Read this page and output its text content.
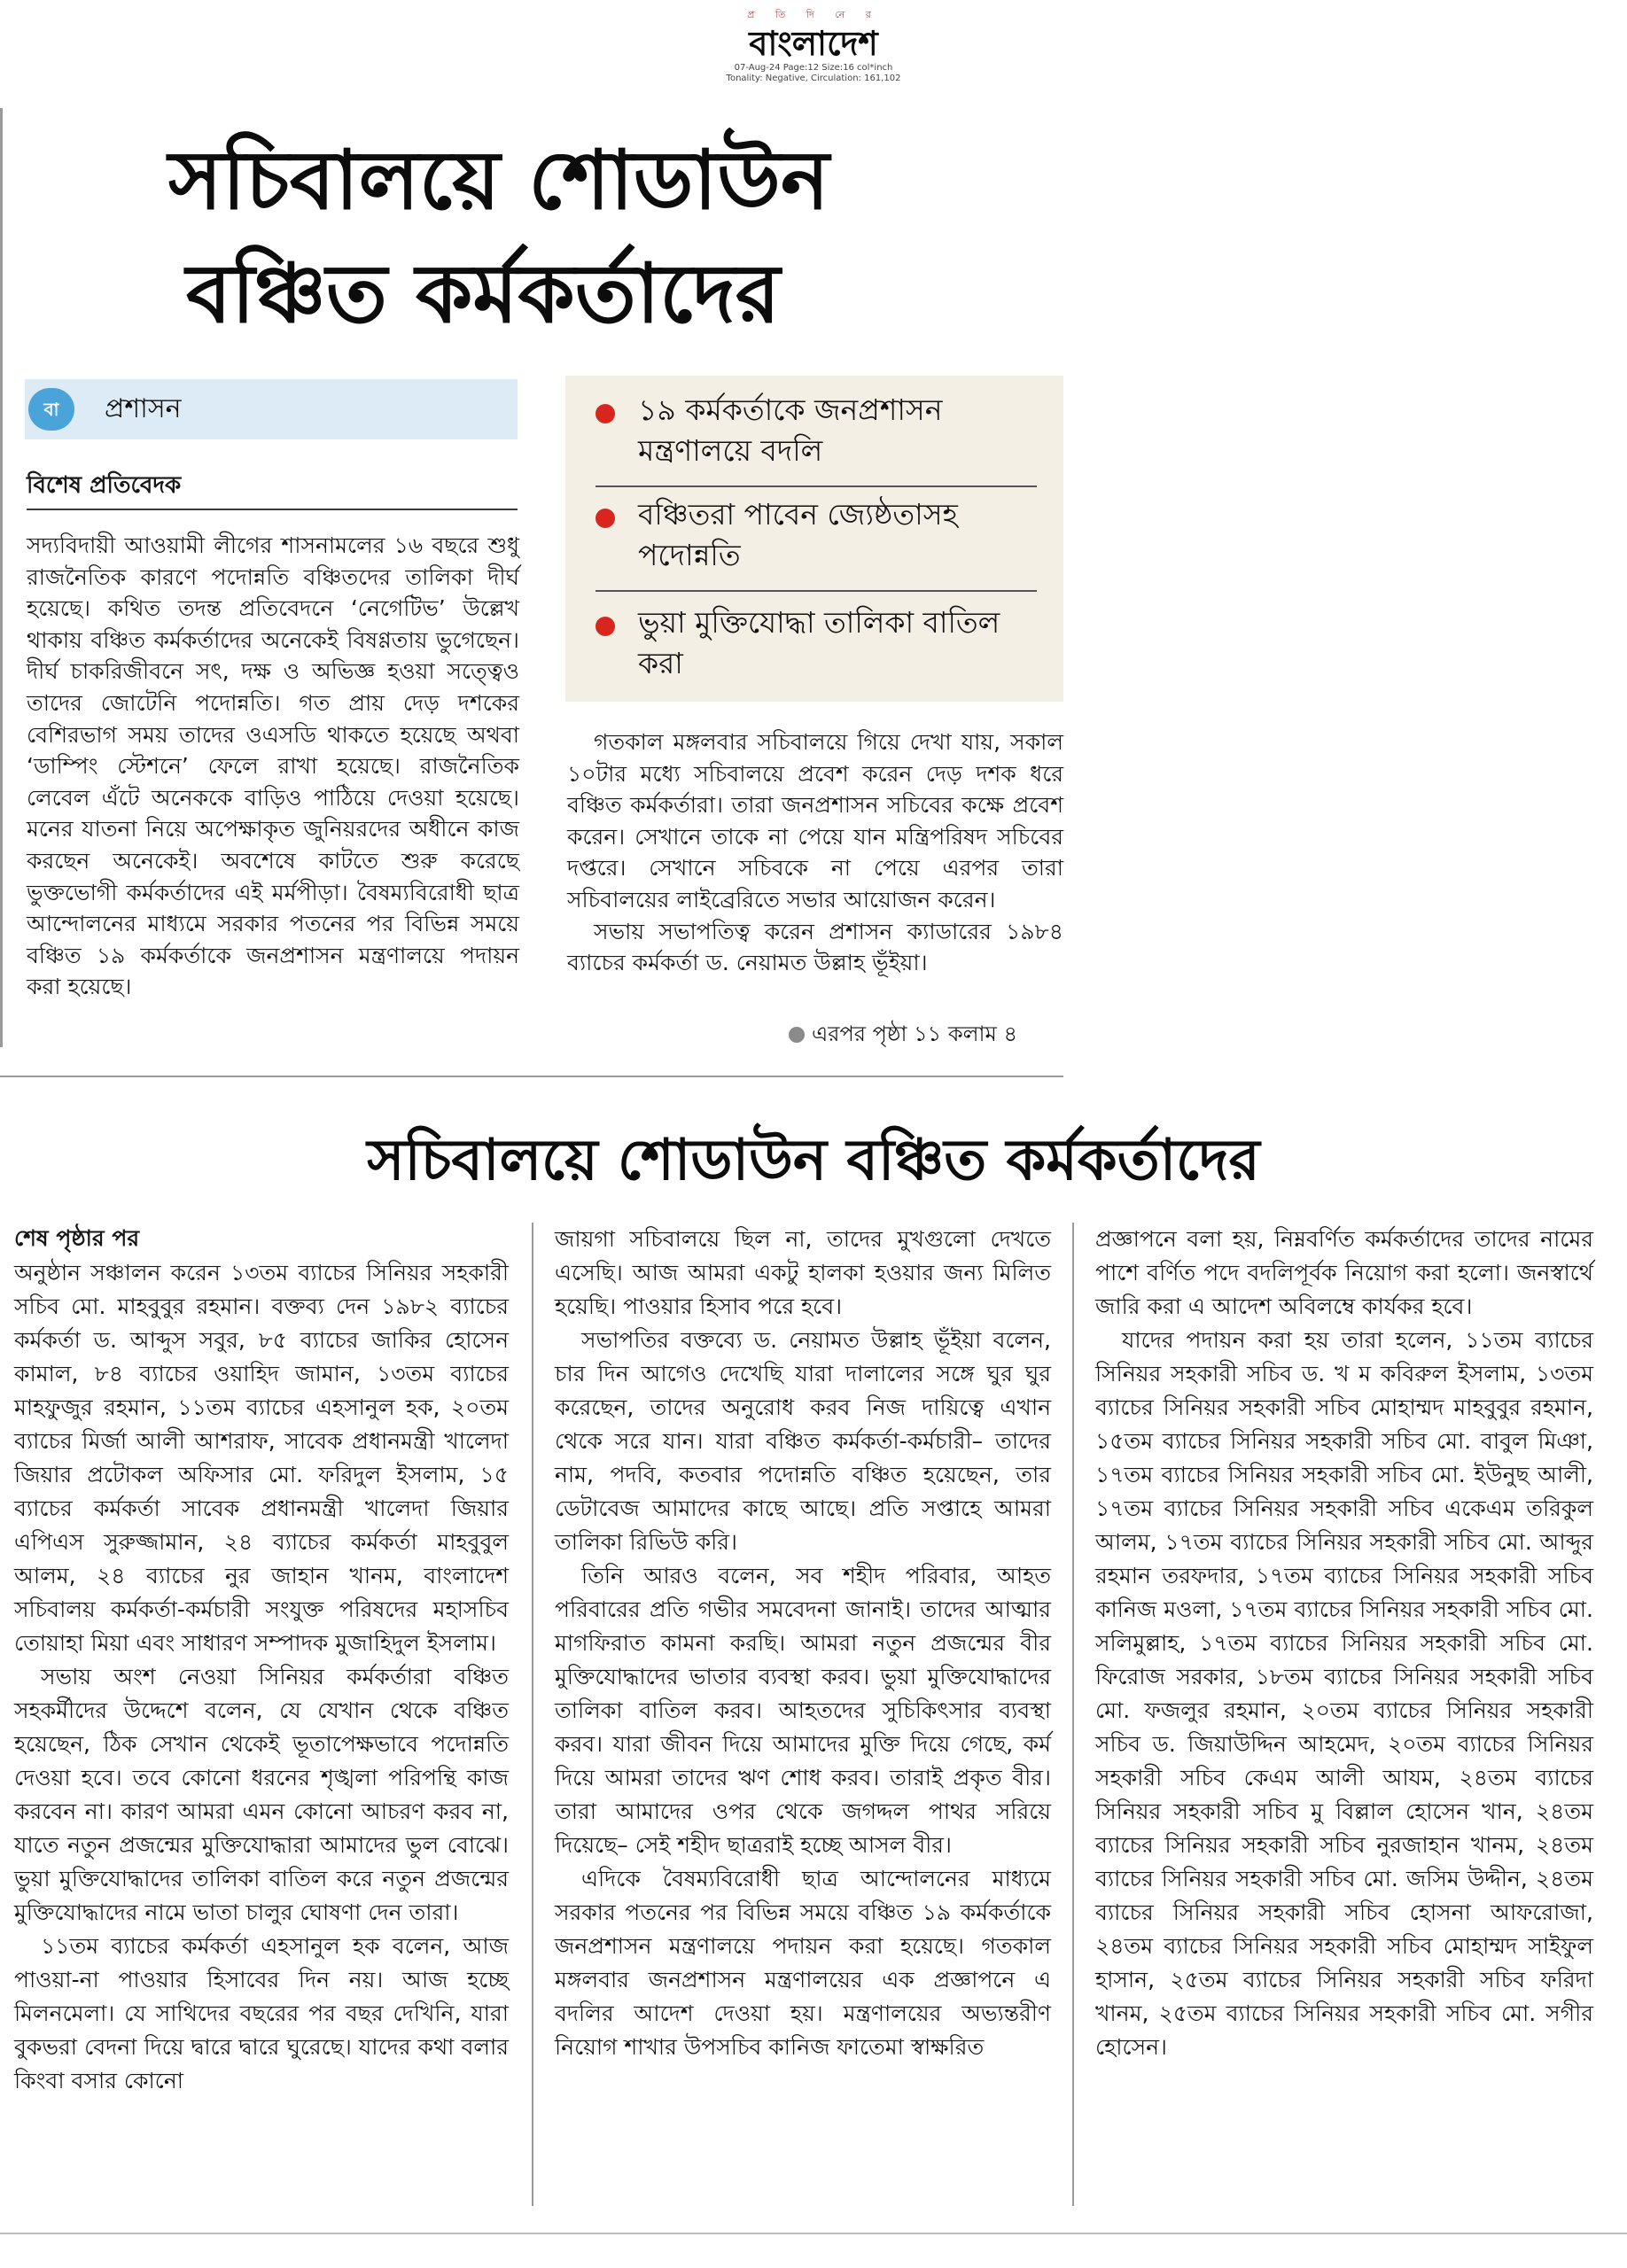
প্র তি দি নে র
বাংলাদেশ
07-Aug-24 Page:12 Size:16 col*inch
Tonality: Negative, Circulation: 161,102
সচিবালয়ে শোডাউন
বঞ্চিত কর্মকর্তাদের
বা	প্রশাসন
বিশেষ প্রতিবেদক

সদ্যবিদায়ী আওয়ামী লীগের শাসনামলের ১৬ বছরে শুধু রাজনৈতিক কারণে পদোন্নতি বঞ্চিতদের তালিকা দীর্ঘ হয়েছে। কথিত তদন্ত প্রতিবেদনে ‘নেগেটিভ’ উল্লেখ থাকায় বঞ্চিত কর্মকর্তাদের অনেকেই বিষণ্ণতায় ভুগেছেন। দীর্ঘ চাকরিজীবনে সৎ, দক্ষ ও অভিজ্ঞ হওয়া সত্ত্বেও তাদের জোটেনি পদোন্নতি। গত প্রায় দেড় দশকের বেশিরভাগ সময় তাদের ওএসডি থাকতে হয়েছে অথবা ‘ডাম্পিং স্টেশনে’ ফেলে রাখা হয়েছে। রাজনৈতিক লেবেল এঁটে অনেককে বাড়িও পাঠিয়ে দেওয়া হয়েছে। মনের যাতনা নিয়ে অপেক্ষাকৃত জুনিয়রদের অধীনে কাজ করছেন অনেকেই। অবশেষে কাটতে শুরু করেছে ভুক্তভোগী কর্মকর্তাদের এই মর্মপীড়া। বৈষম্যবিরোধী ছাত্র আন্দোলনের মাধ্যমে সরকার পতনের পর বিভিন্ন সময়ে বঞ্চিত ১৯ কর্মকর্তাকে জনপ্রশাসন মন্ত্রণালয়ে পদায়ন করা হয়েছে।

১৯ কর্মকর্তাকে জনপ্রশাসন মন্ত্রণালয়ে বদলি
বঞ্চিতরা পাবেন জ্যেষ্ঠতাসহ পদোন্নতি
ভুয়া মুক্তিযোদ্ধা তালিকা বাতিল করা

গতকাল মঙ্গলবার সচিবালয়ে গিয়ে দেখা যায়, সকাল ১০টার মধ্যে সচিবালয়ে প্রবেশ করেন দেড় দশক ধরে বঞ্চিত কর্মকর্তারা। তারা জনপ্রশাসন সচিবের কক্ষে প্রবেশ করেন। সেখানে তাকে না পেয়ে যান মন্ত্রিপরিষদ সচিবের দপ্তরে। সেখানে সচিবকে না পেয়ে এরপর তারা সচিবালয়ের লাইব্রেরিতে সভার আয়োজন করেন।

সভায় সভাপতিত্ব করেন প্রশাসন ক্যাডারের ১৯৮৪ ব্যাচের কর্মকর্তা ড. নেয়ামত উল্লাহ ভূঁইয়া।

এরপর পৃষ্ঠা ১১ কলাম ৪
সচিবালয়ে শোডাউন বঞ্চিত কর্মকর্তাদের
শেষ পৃষ্ঠার পর

অনুষ্ঠান সঞ্চালন করেন ১৩তম ব্যাচের সিনিয়র সহকারী সচিব মো. মাহবুবুর রহমান। বক্তব্য দেন ১৯৮২ ব্যাচের কর্মকর্তা ড. আব্দুস সবুর, ৮৫ ব্যাচের জাকির হোসেন কামাল, ৮৪ ব্যাচের ওয়াহিদ জামান, ১৩তম ব্যাচের মাহফুজুর রহমান, ১১তম ব্যাচের এহসানুল হক, ২০তম ব্যাচের মির্জা আলী আশরাফ, সাবেক প্রধানমন্ত্রী খালেদা জিয়ার প্রটোকল অফিসার মো. ফরিদুল ইসলাম, ১৫ ব্যাচের কর্মকর্তা সাবেক প্রধানমন্ত্রী খালেদা জিয়ার এপিএস সুরুজ্জামান, ২৪ ব্যাচের কর্মকর্তা মাহবুবুল আলম, ২৪ ব্যাচের নুর জাহান খানম, বাংলাদেশ সচিবালয় কর্মকর্তা-কর্মচারী সংযুক্ত পরিষদের মহাসচিব তোয়াহা মিয়া এবং সাধারণ সম্পাদক মুজাহিদুল ইসলাম।

সভায় অংশ নেওয়া সিনিয়র কর্মকর্তারা বঞ্চিত সহকর্মীদের উদ্দেশে বলেন, যে যেখান থেকে বঞ্চিত হয়েছেন, ঠিক সেখান থেকেই ভূতাপেক্ষভাবে পদোন্নতি দেওয়া হবে। তবে কোনো ধরনের শৃঙ্খলা পরিপন্থি কাজ করবেন না। কারণ আমরা এমন কোনো আচরণ করব না, যাতে নতুন প্রজন্মের মুক্তিযোদ্ধারা আমাদের ভুল বোঝে। ভুয়া মুক্তিযোদ্ধাদের তালিকা বাতিল করে নতুন প্রজন্মের মুক্তিযোদ্ধাদের নামে ভাতা চালুর ঘোষণা দেন তারা।

১১তম ব্যাচের কর্মকর্তা এহসানুল হক বলেন, আজ পাওয়া-না পাওয়ার হিসাবের দিন নয়। আজ হচ্ছে মিলনমেলা। যে সাথিদের বছরের পর বছর দেখিনি, যারা বুকভরা বেদনা দিয়ে দ্বারে দ্বারে ঘুরেছে। যাদের কথা বলার কিংবা বসার কোনো

জায়গা সচিবালয়ে ছিল না, তাদের মুখগুলো দেখতে এসেছি। আজ আমরা একটু হালকা হওয়ার জন্য মিলিত হয়েছি। পাওয়ার হিসাব পরে হবে।

সভাপতির বক্তব্যে ড. নেয়ামত উল্লাহ ভূঁইয়া বলেন, চার দিন আগেও দেখেছি যারা দালালের সঙ্গে ঘুর ঘুর করেছেন, তাদের অনুরোধ করব নিজ দায়িত্বে এখান থেকে সরে যান। যারা বঞ্চিত কর্মকর্তা-কর্মচারী– তাদের নাম, পদবি, কতবার পদোন্নতি বঞ্চিত হয়েছেন, তার ডেটাবেজ আমাদের কাছে আছে। প্রতি সপ্তাহে আমরা তালিকা রিভিউ করি।

তিনি আরও বলেন, সব শহীদ পরিবার, আহত পরিবারের প্রতি গভীর সমবেদনা জানাই। তাদের আত্মার মাগফিরাত কামনা করছি। আমরা নতুন প্রজন্মের বীর মুক্তিযোদ্ধাদের ভাতার ব্যবস্থা করব। ভুয়া মুক্তিযোদ্ধাদের তালিকা বাতিল করব। আহতদের সুচিকিৎসার ব্যবস্থা করব। যারা জীবন দিয়ে আমাদের মুক্তি দিয়ে গেছে, কর্ম দিয়ে আমরা তাদের ঋণ শোধ করব। তারাই প্রকৃত বীর। তারা আমাদের ওপর থেকে জগদ্দল পাথর সরিয়ে দিয়েছে– সেই শহীদ ছাত্ররাই হচ্ছে আসল বীর।

এদিকে বৈষম্যবিরোধী ছাত্র আন্দোলনের মাধ্যমে সরকার পতনের পর বিভিন্ন সময়ে বঞ্চিত ১৯ কর্মকর্তাকে জনপ্রশাসন মন্ত্রণালয়ে পদায়ন করা হয়েছে। গতকাল মঙ্গলবার জনপ্রশাসন মন্ত্রণালয়ের এক প্রজ্ঞাপনে এ বদলির আদেশ দেওয়া হয়। মন্ত্রণালয়ের অভ্যন্তরীণ নিয়োগ শাখার উপসচিব কানিজ ফাতেমা স্বাক্ষরিত

প্রজ্ঞাপনে বলা হয়, নিম্নবর্ণিত কর্মকর্তাদের তাদের নামের পাশে বর্ণিত পদে বদলিপূর্বক নিয়োগ করা হলো। জনস্বার্থে জারি করা এ আদেশ অবিলম্বে কার্যকর হবে।

যাদের পদায়ন করা হয় তারা হলেন, ১১তম ব্যাচের সিনিয়র সহকারী সচিব ড. খ ম কবিরুল ইসলাম, ১৩তম ব্যাচের সিনিয়র সহকারী সচিব মোহাম্মদ মাহবুবুর রহমান, ১৫তম ব্যাচের সিনিয়র সহকারী সচিব মো. বাবুল মিঞা, ১৭তম ব্যাচের সিনিয়র সহকারী সচিব মো. ইউনুছ আলী, ১৭তম ব্যাচের সিনিয়র সহকারী সচিব একেএম তরিকুল আলম, ১৭তম ব্যাচের সিনিয়র সহকারী সচিব মো. আব্দুর রহমান তরফদার, ১৭তম ব্যাচের সিনিয়র সহকারী সচিব কানিজ মওলা, ১৭তম ব্যাচের সিনিয়র সহকারী সচিব মো. সলিমুল্লাহ, ১৭তম ব্যাচের সিনিয়র সহকারী সচিব মো. ফিরোজ সরকার, ১৮তম ব্যাচের সিনিয়র সহকারী সচিব মো. ফজলুর রহমান, ২০তম ব্যাচের সিনিয়র সহকারী সচিব ড. জিয়াউদ্দিন আহমেদ, ২০তম ব্যাচের সিনিয়র সহকারী সচিব কেএম আলী আযম, ২৪তম ব্যাচের সিনিয়র সহকারী সচিব মু বিল্লাল হোসেন খান, ২৪তম ব্যাচের সিনিয়র সহকারী সচিব নুরজাহান খানম, ২৪তম ব্যাচের সিনিয়র সহকারী সচিব মো. জসিম উদ্দীন, ২৪তম ব্যাচের সিনিয়র সহকারী সচিব হোসনা আফরোজা, ২৪তম ব্যাচের সিনিয়র সহকারী সচিব মোহাম্মদ সাইফুল হাসান, ২৫তম ব্যাচের সিনিয়র সহকারী সচিব ফরিদা খানম, ২৫তম ব্যাচের সিনিয়র সহকারী সচিব মো. সগীর হোসেন।
